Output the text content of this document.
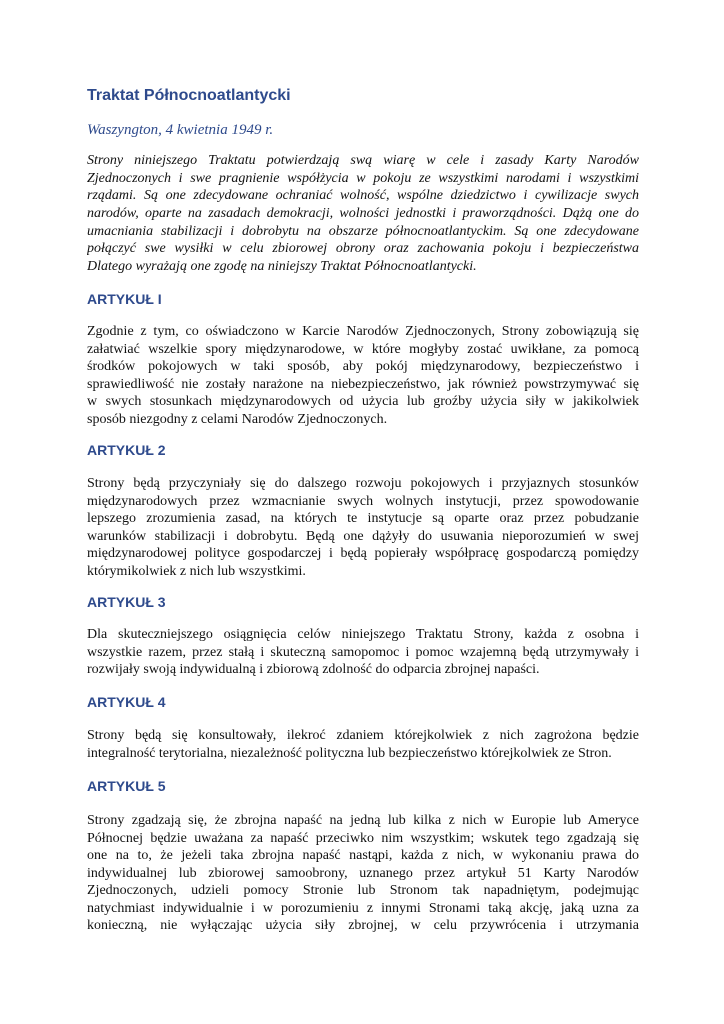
Traktat Północnoatlantycki

Waszyngton, 4 kwietnia 1949 r.

Strony niniejszego Traktatu potwierdzają swą wiarę w cele i zasady Karty Narodów
Zjednoczonych i swe pragnienie współżycia w pokoju ze wszystkimi narodami i wszystkimi
rządami. Są one zdecydowane ochraniać wolność, wspólne dziedzictwo i cywilizacje swych
narodów, oparte na zasadach demokracji, wolności jednostki i praworządności. Dążą one do
umacniania stabilizacji i dobrobytu na obszarze północnoatlantyckim. Są one zdecydowane
połączyć swe wysiłki w celu zbiorowej obrony oraz zachowania pokoju i bezpieczeństwa
Dlatego wyrażają one zgodę na niniejszy Traktat Północnoatlantycki.
ARTYKUŁ I
Zgodnie z tym, co oświadczono w Karcie Narodów Zjednoczonych, Strony zobowiązują się
załatwiać wszelkie spory międzynarodowe, w które mogłyby zostać uwikłane, za pomocą
środków pokojowych w taki sposób, aby pokój międzynarodowy, bezpieczeństwo i
sprawiedliwość nie zostały narażone na niebezpieczeństwo, jak również powstrzymywać się
w swych stosunkach międzynarodowych od użycia lub groźby użycia siły w jakikolwiek
sposób niezgodny z celami Narodów Zjednoczonych.
ARTYKUŁ 2
Strony będą przyczyniały się do dalszego rozwoju pokojowych i przyjaznych stosunków
międzynarodowych przez wzmacnianie swych wolnych instytucji, przez spowodowanie
lepszego zrozumienia zasad, na których te instytucje są oparte oraz przez pobudzanie
warunków stabilizacji i dobrobytu. Będą one dążyły do usuwania nieporozumień w swej
międzynarodowej polityce gospodarczej i będą popierały współpracę gospodarczą pomiędzy
którymikolwiek z nich lub wszystkimi.
ARTYKUŁ 3
Dla skuteczniejszego osiągnięcia celów niniejszego Traktatu Strony, każda z osobna i
wszystkie razem, przez stałą i skuteczną samopomoc i pomoc wzajemną będą utrzymywały i
rozwijały swoją indywidualną i zbiorową zdolność do odparcia zbrojnej napaści.
ARTYKUŁ 4
Strony będą się konsultowały, ilekroć zdaniem którejkolwiek z nich zagrożona będzie
integralność terytorialna, niezależność polityczna lub bezpieczeństwo którejkolwiek ze Stron.
ARTYKUŁ 5
Strony zgadzają się, że zbrojna napaść na jedną lub kilka z nich w Europie lub Ameryce
Północnej będzie uważana za napaść przeciwko nim wszystkim; wskutek tego zgadzają się
one na to, że jeżeli taka zbrojna napaść nastąpi, każda z nich, w wykonaniu prawa do
indywidualnej lub zbiorowej samoobrony, uznanego przez artykuł 51 Karty Narodów
Zjednoczonych, udzieli pomocy Stronie lub Stronom tak napadniętym, podejmując
natychmiast indywidualnie i w porozumieniu z innymi Stronami taką akcję, jaką uzna za
konieczną, nie wyłączając użycia siły zbrojnej, w celu przywrócenia i utrzymania
